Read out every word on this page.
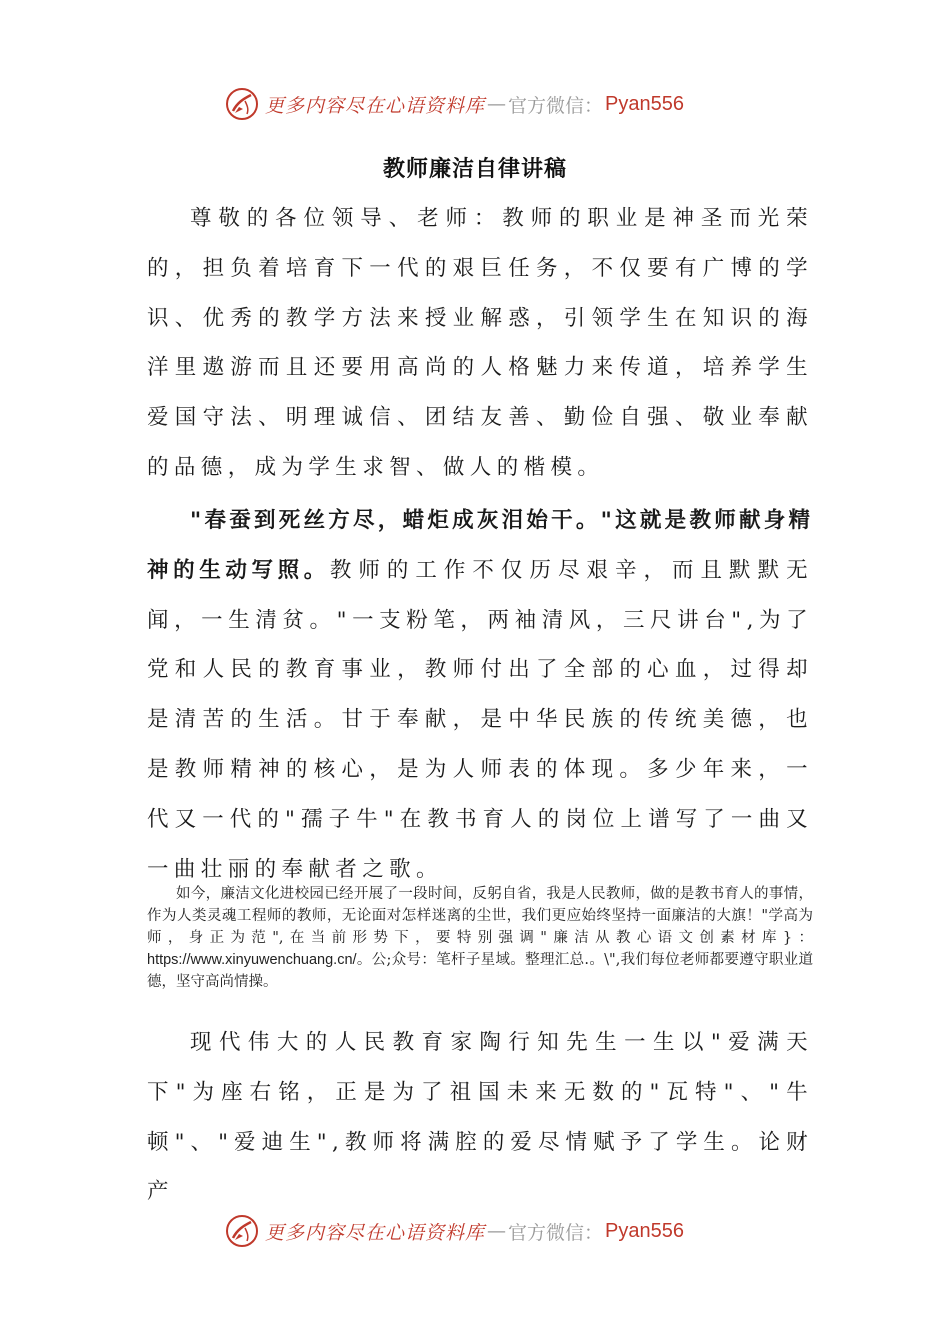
更多内容尽在心语资料库 — 官方微信： Pyan556
教师廉洁自律讲稿

尊敬的各位领导、老师：教师的职业是神圣而光荣的，担负着培育下一代的艰巨任务，不仅要有广博的学识、优秀的教学方法来授业解惑，引领学生在知识的海洋里遨游而且还要用高尚的人格魅力来传道，培养学生爱国守法、明理诚信、团结友善、勤俭自强、敬业奉献的品德，成为学生求智、做人的楷模。

"春蚕到死丝方尽，蜡炬成灰泪始干。"这就是教师献身精神的生动写照。教师的工作不仅历尽艰辛，而且默默无闻，一生清贫。"一支粉笔，两袖清风，三尺讲台",为了党和人民的教育事业，教师付出了全部的心血，过得却是清苦的生活。甘于奉献，是中华民族的传统美德，也是教师精神的核心，是为人师表的体现。多少年来，一代又一代的"孺子牛"在教书育人的岗位上谱写了一曲又一曲壮丽的奉献者之歌。

如今，廉洁文化进校园已经开展了一段时间，反躬自省，我是人民教师，做的是教书育人的事情，作为人类灵魂工程师的教师，无论面对怎样迷离的尘世，我们更应始终坚持一面廉洁的大旗！"学高为师，身正为范",在当前形势下，要特别强调"廉洁从教心语文创素材库}：https://www.xinyuwenchuang.cn/。公;众号：笔杆子星域。整理汇总.。\",我们每位老师都要遵守职业道德，坚守高尚情操。

现代伟大的人民教育家陶行知先生一生以"爱满天下"为座右铭，正是为了祖国未来无数的"瓦特"、"牛顿"、"爱迪生",教师将满腔的爱尽情赋予了学生。论财产

更多内容尽在心语资料库 — 官方微信： Pyan556
